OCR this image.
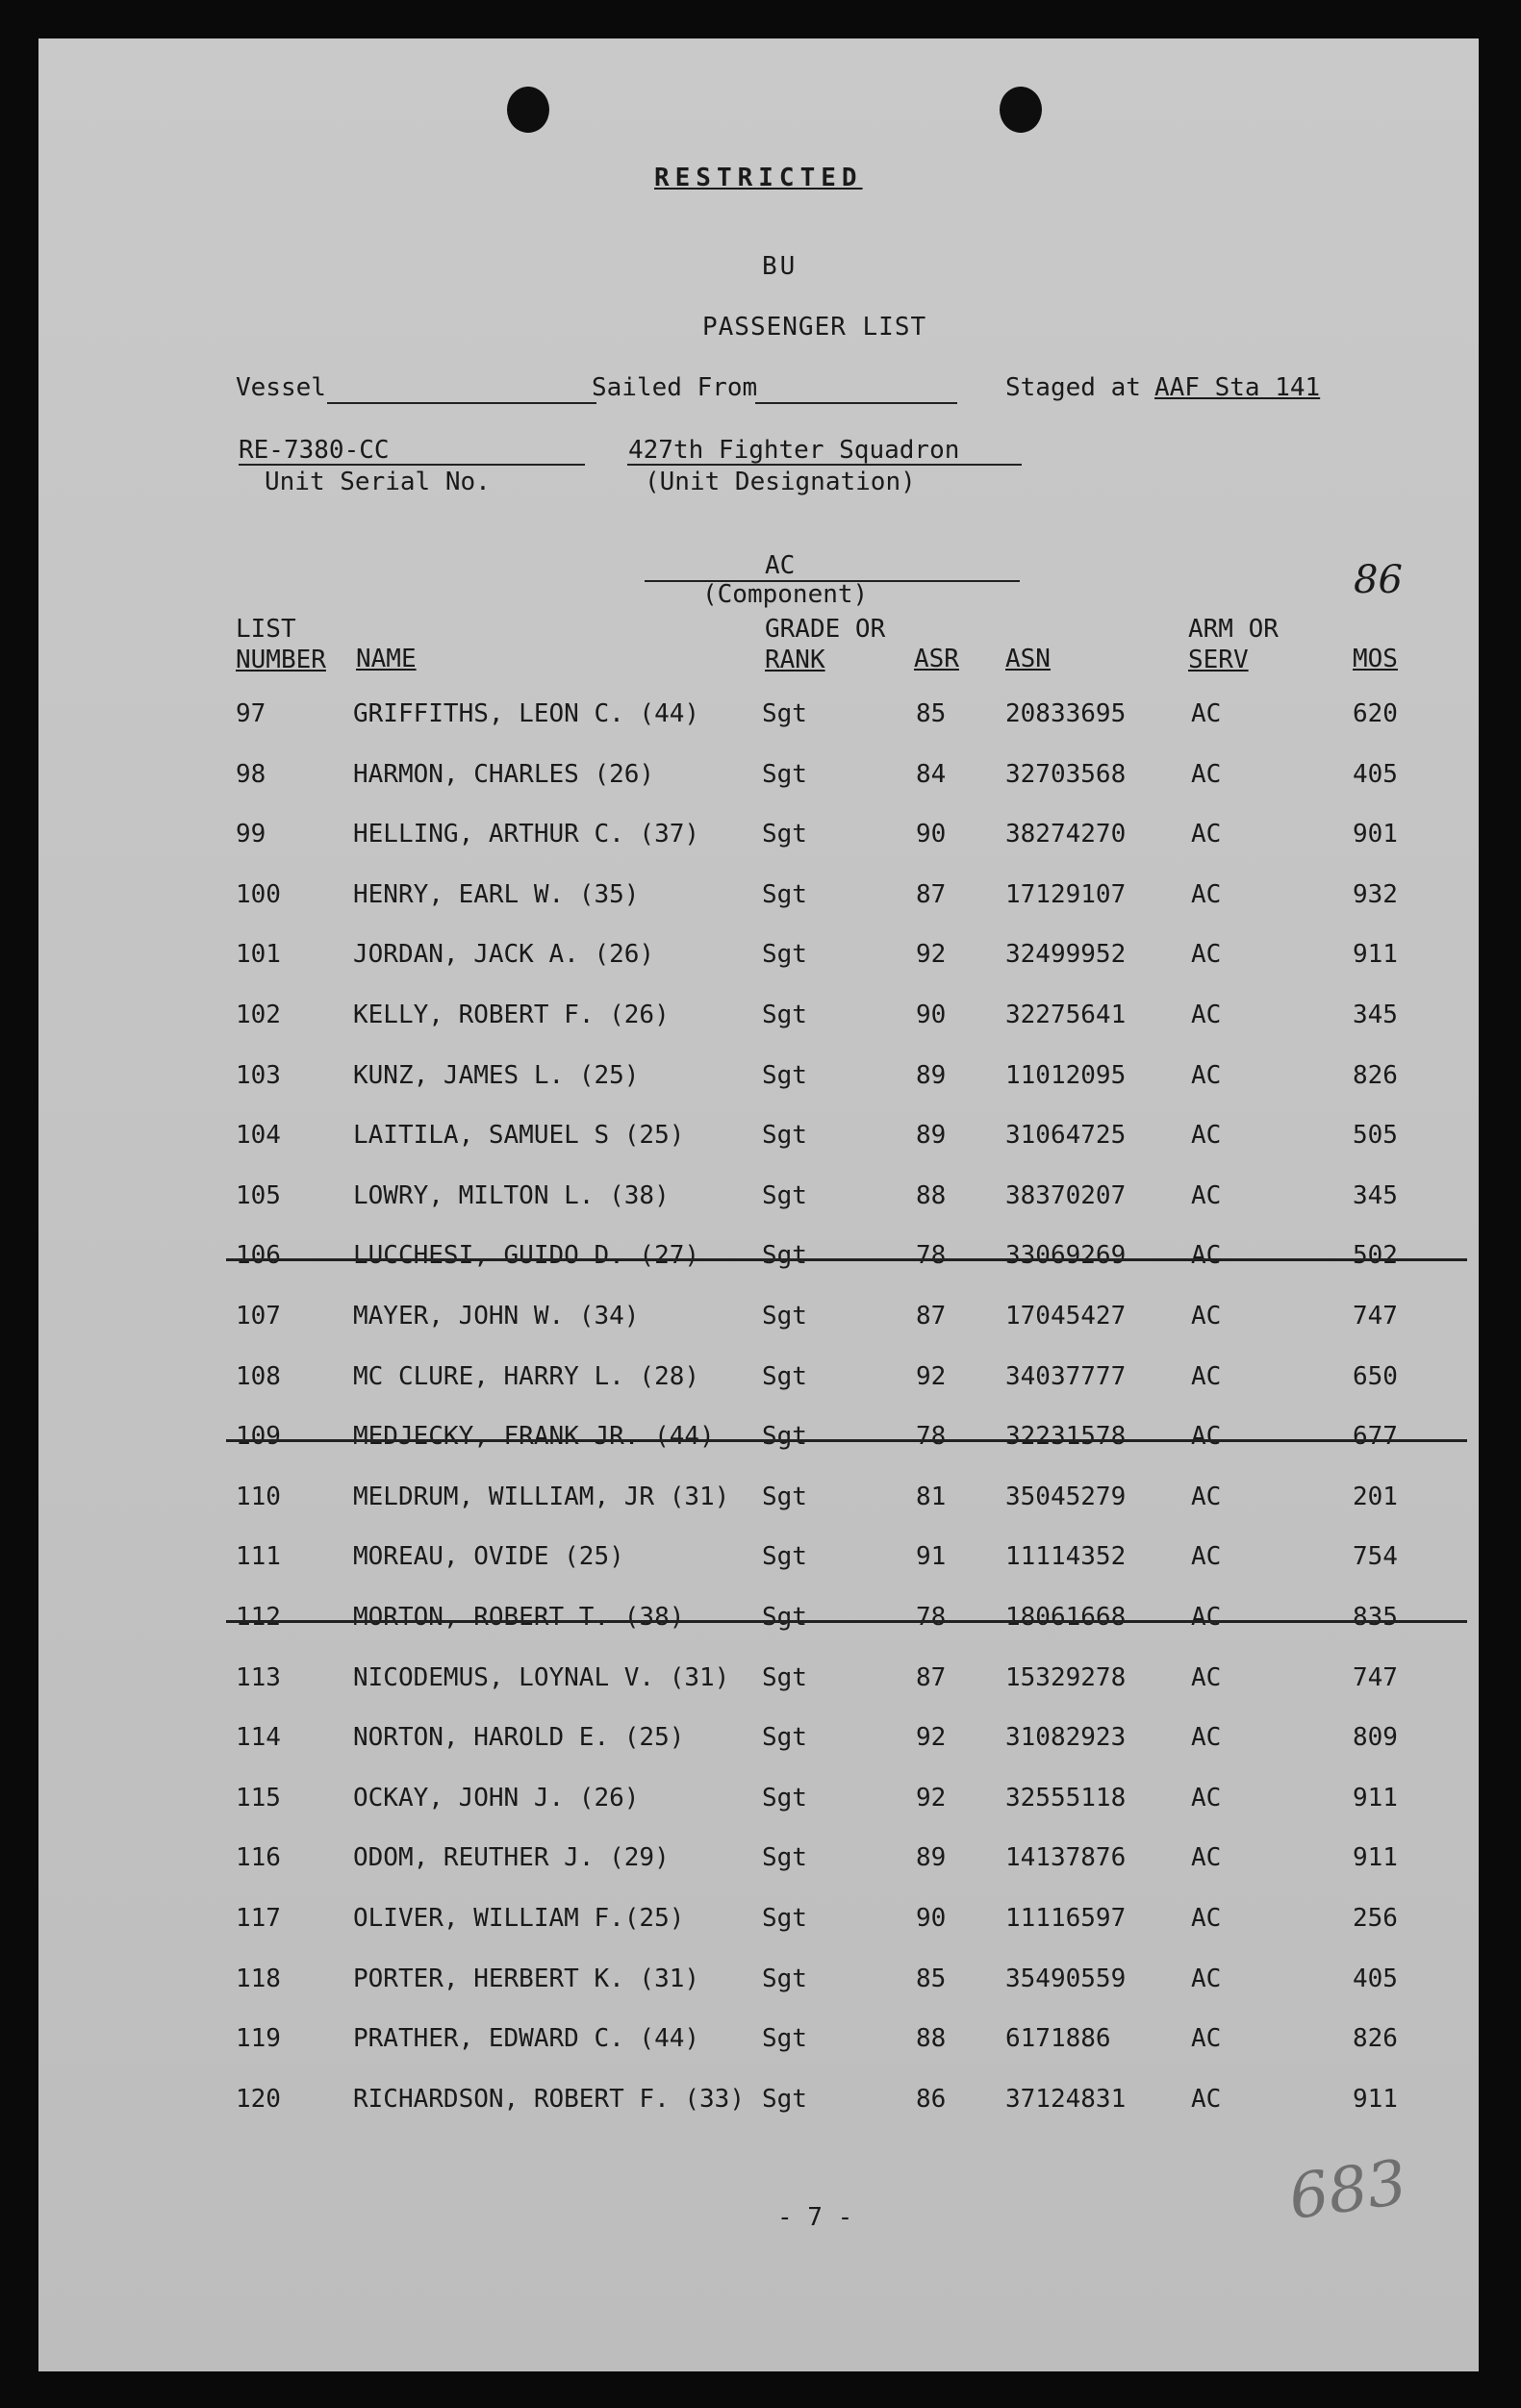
RESTRICTED
BU
PASSENGER LIST
Vessel	Sailed From	Staged at AAF Sta 141
RE-7380-CC
Unit Serial No.
427th Fighter Squadron
(Unit Designation)
AC
(Component)	86
LIST
NUMBER NAME
GRADE OR
RANK	ASR ASN
ARM OR
SERV	MOS
97	GRIFFITHS, LEON C. (44) Sgt	85 20833695	AC	620
98	HARMON, CHARLES (26)	Sgt	84 32703568	AC	405
99	HELLING, ARTHUR C. (37) Sgt	90 38274270	AC	901
100	HENRY, EARL W. (35)	Sgt	87 17129107	AC	932
101	JORDAN, JACK A. (26)	Sgt	92 32499952	AC	911
102	KELLY, ROBERT F. (26)	Sgt	90 32275641	AC	345
103	KUNZ, JAMES L. (25)	Sgt	89 11012095	AC	826
104	LAITILA, SAMUEL S (25)	Sgt	89 31064725	AC	505
105	LOWRY, MILTON L. (38)	Sgt	88 38370207	AC	345
106	LUCCHESI, GUIDO D. (27) Sgt	78 33069269	AC	502
107	MAYER, JOHN W. (34)	Sgt	87 17045427	AC	747
108	MC CLURE, HARRY L. (28) Sgt	92 34037777	AC	650
109	MEDJECKY, FRANK JR. (44) Sgt	78 32231578	AC	677
110	MELDRUM, WILLIAM, JR (31) Sgt	81 35045279	AC	201
111	MOREAU, OVIDE (25)	Sgt	91 11114352	AC	754
112	MORTON, ROBERT T. (38)	Sgt	78 18061668	AC	835
113	NICODEMUS, LOYNAL V. (31) Sgt	87 15329278	AC	747
114	NORTON, HAROLD E. (25)	Sgt	92 31082923	AC	809
115	OCKAY, JOHN J. (26)	Sgt	92 32555118	AC	911
116	ODOM, REUTHER J. (29)	Sgt	89 14137876	AC	911
117	OLIVER, WILLIAM F.(25)	Sgt	90 11116597	AC	256
118	PORTER, HERBERT K. (31) Sgt	85 35490559	AC	405
119	PRATHER, EDWARD C. (44) Sgt	88 6171886	AC	826
120	RICHARDSON, ROBERT F. (33) Sgt	86 37124831	AC	911
- 7 -	683
